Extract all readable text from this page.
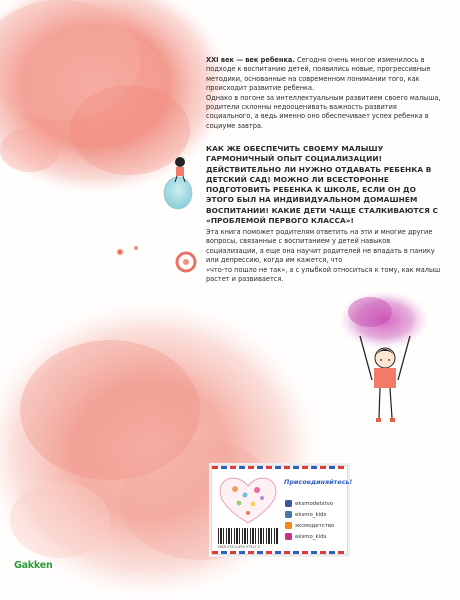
XXI век — век ребенка. Сегодня очень многое изменилось в подходе к воспитанию детей, появились новые, прогрессивные методики, основанные на современном понимании того, как происходит развитие ребенка.

Однако в погоне за интеллектуальным развитием своего малыша, родители склонны недооценивать важность развития социального, а ведь именно оно обеспечивает успех ребенка в социуме завтра.

КАК ЖЕ ОБЕСПЕЧИТЬ СВОЕМУ МАЛЫШУ ГАРМОНИЧНЫЙ ОПЫТ СОЦИАЛИЗАЦИИ! ДЕЙСТВИТЕЛЬНО ЛИ НУЖНО ОТДАВАТЬ РЕБЕНКА В ДЕТСКИЙ САД! МОЖНО ЛИ ВСЕСТОРОННЕ ПОДГОТОВИТЬ РЕБЕНКА К ШКОЛЕ, ЕСЛИ ОН ДО ЭТОГО БЫЛ НА ИНДИВИДУАЛЬНОМ ДОМАШНЕМ ВОСПИТАНИИ! КАКИЕ ДЕТИ ЧАЩЕ СТАЛКИВАЮТСЯ С «ПРОБЛЕМОЙ ПЕРВОГО КЛАССА»!

Эта книга поможет родителям ответить на эти и многие другие вопросы, связанные с воспитанием у детей навыков социализации, а еще она научит родителей не впадать в панику или депрессию, когда им кажется, что

«что-то пошло не так», а с улыбкой относиться к тому, как малыш растет и развивается.

Присоединяйтесь!
eksmodetstvo
eksmo_kids
эксмодетство
eksmo_kids
ISBN 978-5-699-97527-5
Gakken
